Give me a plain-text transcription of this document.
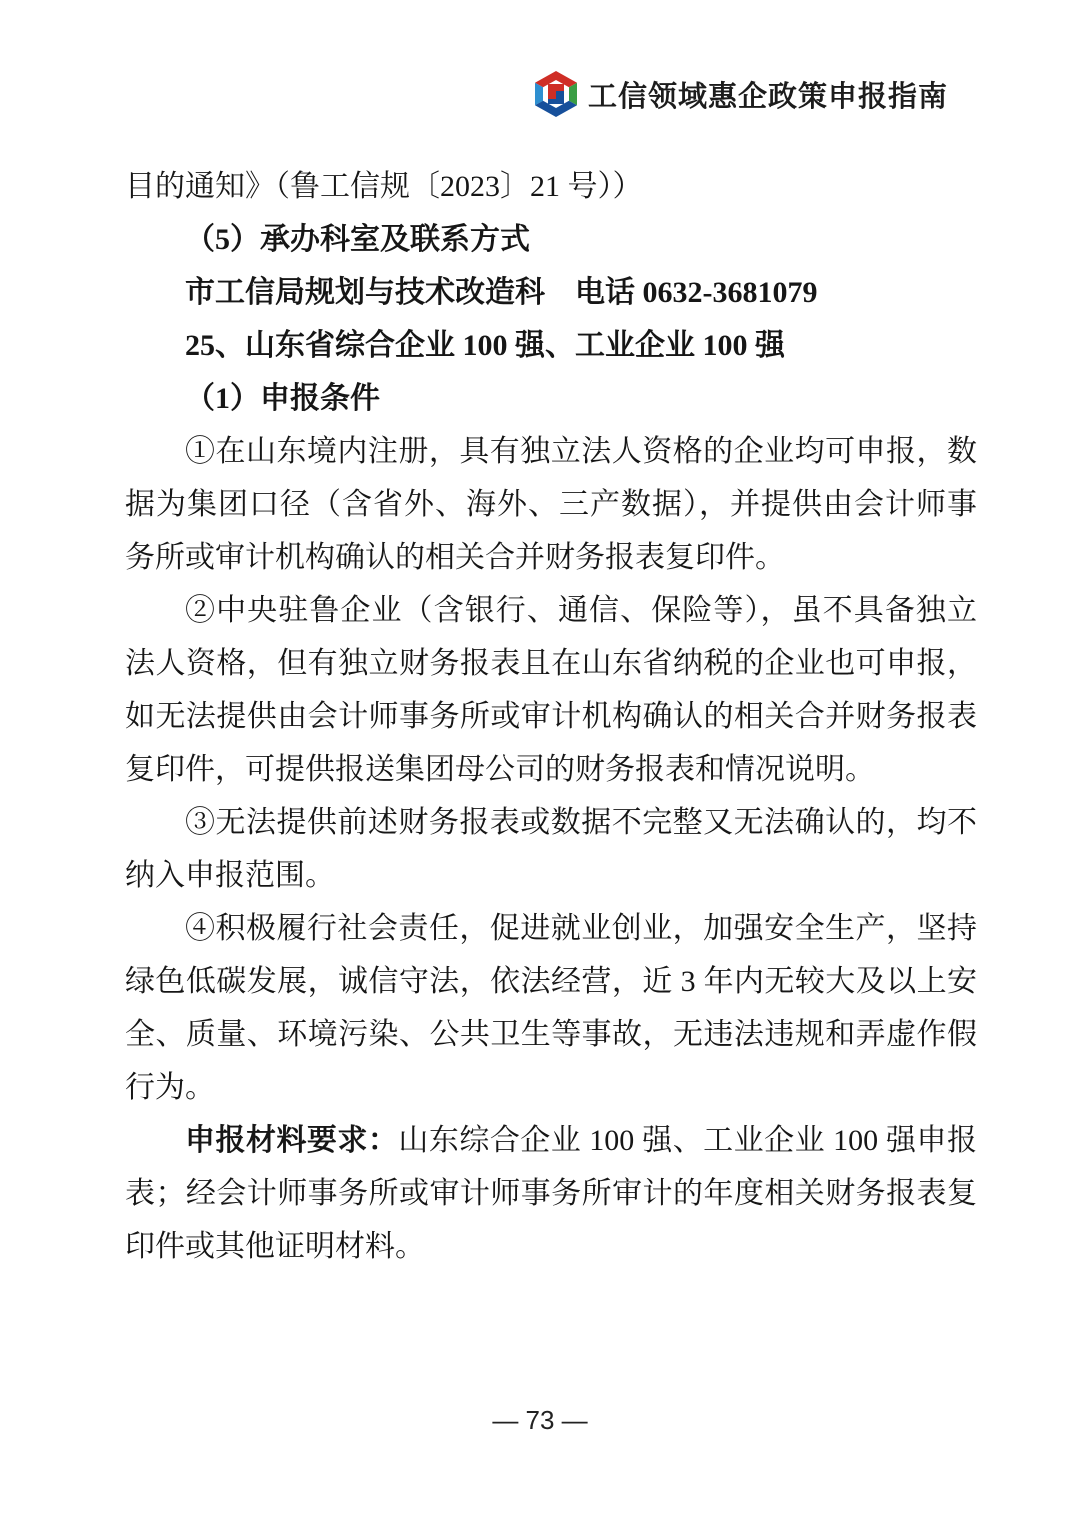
工信领域惠企政策申报指南

目的通知》（鲁工信规〔2023〕21 号））

（5）承办科室及联系方式

市工信局规划与技术改造科　电话 0632-3681079

25、山东省综合企业 100 强、工业企业 100 强

（1）申报条件

①在山东境内注册，具有独立法人资格的企业均可申报，数据为集团口径（含省外、海外、三产数据），并提供由会计师事务所或审计机构确认的相关合并财务报表复印件。

②中央驻鲁企业（含银行、通信、保险等），虽不具备独立法人资格，但有独立财务报表且在山东省纳税的企业也可申报，如无法提供由会计师事务所或审计机构确认的相关合并财务报表复印件，可提供报送集团母公司的财务报表和情况说明。

③无法提供前述财务报表或数据不完整又无法确认的，均不纳入申报范围。

④积极履行社会责任，促进就业创业，加强安全生产，坚持绿色低碳发展，诚信守法，依法经营，近 3 年内无较大及以上安全、质量、环境污染、公共卫生等事故，无违法违规和弄虚作假行为。

申报材料要求：山东综合企业 100 强、工业企业 100 强申报表；经会计师事务所或审计师事务所审计的年度相关财务报表复印件或其他证明材料。

— 73 —
